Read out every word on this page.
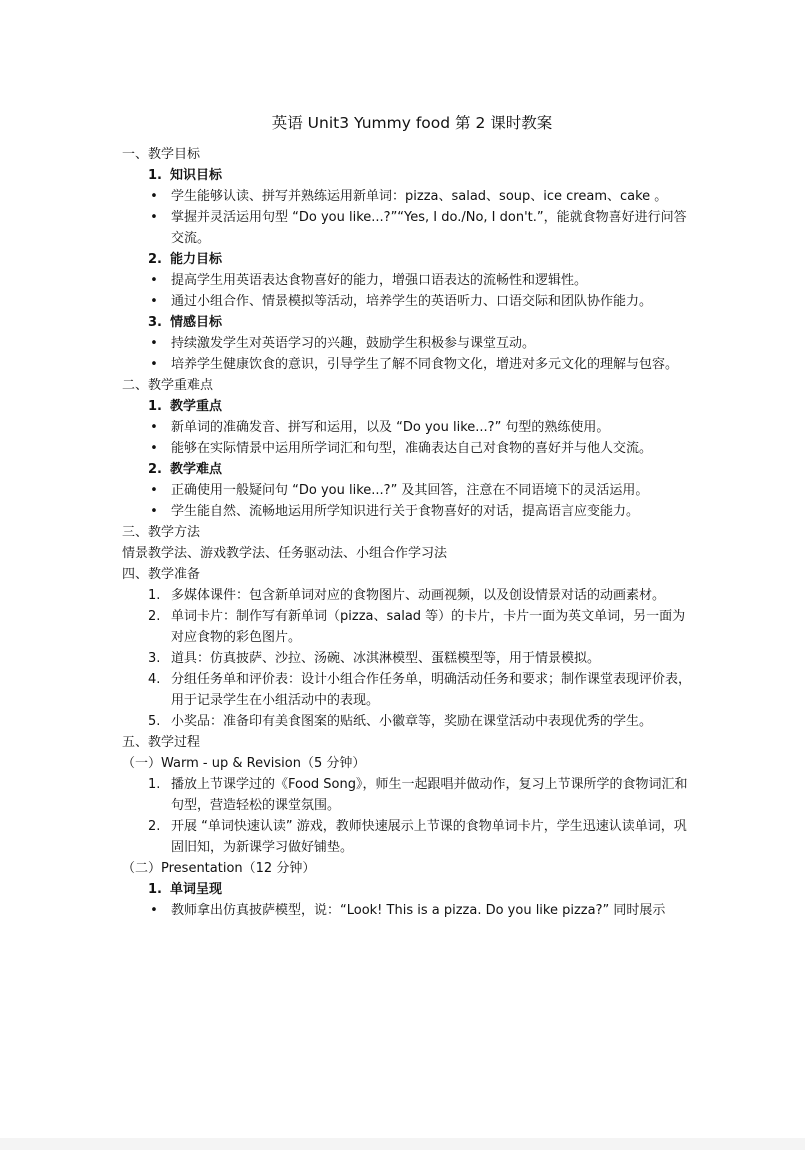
英语 Unit3 Yummy food 第 2 课时教案
一、教学目标
1. 知识目标
• 学生能够认读、拼写并熟练运用新单词：pizza、salad、soup、ice cream、cake 。
• 掌握并灵活运用句型 “Do you like...?”“Yes, I do./No, I don't.”，能就食物喜好进行问答交流。
2. 能力目标
• 提高学生用英语表达食物喜好的能力，增强口语表达的流畅性和逻辑性。
• 通过小组合作、情景模拟等活动，培养学生的英语听力、口语交际和团队协作能力。
3. 情感目标
• 持续激发学生对英语学习的兴趣，鼓励学生积极参与课堂互动。
• 培养学生健康饮食的意识，引导学生了解不同食物文化，增进对多元文化的理解与包容。
二、教学重难点
1. 教学重点
• 新单词的准确发音、拼写和运用，以及 “Do you like...?” 句型的熟练使用。
• 能够在实际情景中运用所学词汇和句型，准确表达自己对食物的喜好并与他人交流。
2. 教学难点
• 正确使用一般疑问句 “Do you like...?” 及其回答，注意在不同语境下的灵活运用。
• 学生能自然、流畅地运用所学知识进行关于食物喜好的对话，提高语言应变能力。
三、教学方法
情景教学法、游戏教学法、任务驱动法、小组合作学习法
四、教学准备
1. 多媒体课件：包含新单词对应的食物图片、动画视频，以及创设情景对话的动画素材。
2. 单词卡片：制作写有新单词（pizza、salad 等）的卡片，卡片一面为英文单词，另一面为对应食物的彩色图片。
3. 道具：仿真披萨、沙拉、汤碗、冰淇淋模型、蛋糕模型等，用于情景模拟。
4. 分组任务单和评价表：设计小组合作任务单，明确活动任务和要求；制作课堂表现评价表，用于记录学生在小组活动中的表现。
5. 小奖品：准备印有美食图案的贴纸、小徽章等，奖励在课堂活动中表现优秀的学生。
五、教学过程
（一）Warm - up & Revision（5 分钟）
1. 播放上节课学过的《Food Song》，师生一起跟唱并做动作，复习上节课所学的食物词汇和句型，营造轻松的课堂氛围。
2. 开展 “单词快速认读” 游戏，教师快速展示上节课的食物单词卡片，学生迅速认读单词，巩固旧知，为新课学习做好铺垫。
（二）Presentation（12 分钟）
1. 单词呈现
• 教师拿出仿真披萨模型，说：“Look! This is a pizza. Do you like pizza?” 同时展示
